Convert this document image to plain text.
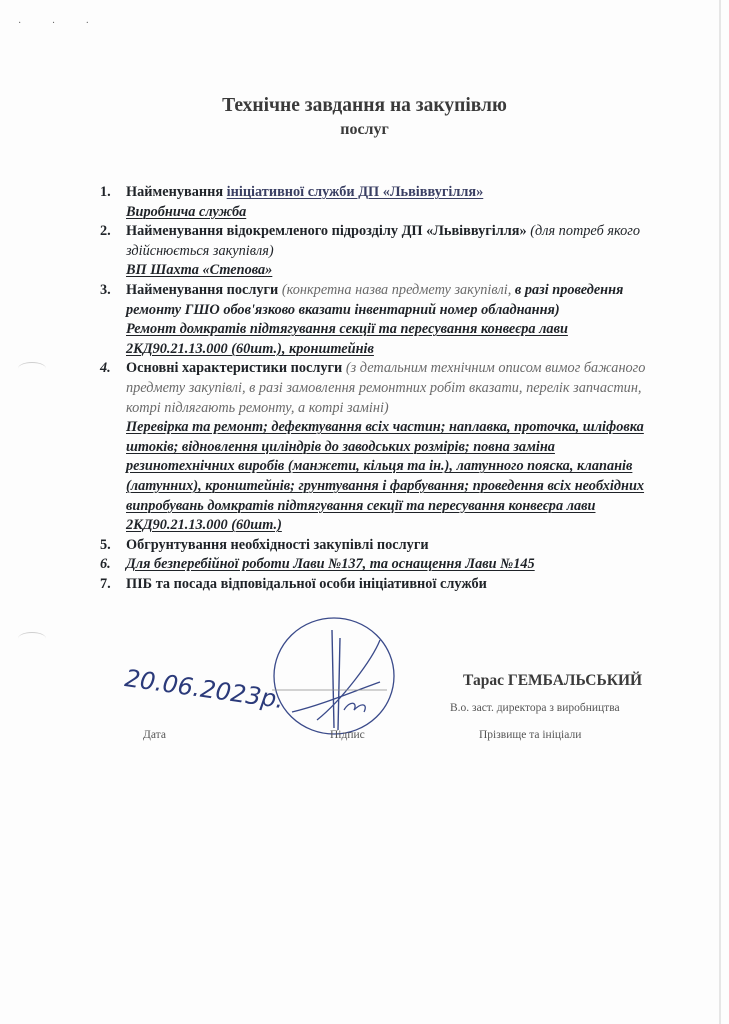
· · ·
Технічне завдання на закупівлю
послуг
1.	Найменування ініціативної служби ДП «Львіввугілля»
Виробнича служба
2.	Найменування відокремленого підрозділу ДП «Львіввугілля» (для потреб якого здійснюється закупівля)
ВП Шахта «Степова»
3.	Найменування послуги (конкретна назва предмету закупівлі, в разі проведення ремонту ГШО обов'язково вказати інвентарний номер обладнання)
Ремонт домкратів підтягування секції та пересування конвеєра лави 2КД90.21.13.000 (60шт.), кронштейнів
4.	Основні характеристики послуги (з детальним технічним описом вимог бажаного предмету закупівлі, в разі замовлення ремонтних робіт вказати, перелік запчастин, котрі підлягають ремонту, а котрі заміні)
Перевірка та ремонт; дефектування всіх частин; наплавка, проточка, шліфовка штоків; відновлення циліндрів до заводських розмірів; повна заміна резинотехнічних виробів (манжети, кільця та ін.), латунного пояска, клапанів (латунних), кронштейнів; грунтування і фарбування; проведення всіх необхідних випробувань домкратів підтягування секції та пересування конвеєра лави 2КД90.21.13.000 (60шт.)
5.	Обгрунтування необхідності закупівлі послуги
6.	Для безперебійної роботи Лави №137, та оснащення Лави №145
7.	ПІБ та посада відповідальної особи ініціативної служби
20.06.2023р.	Тарас ГЕМБАЛЬСЬКИЙ
В.о. заст. директора з виробництва
Дата	Підпис	Прізвище та ініціали
